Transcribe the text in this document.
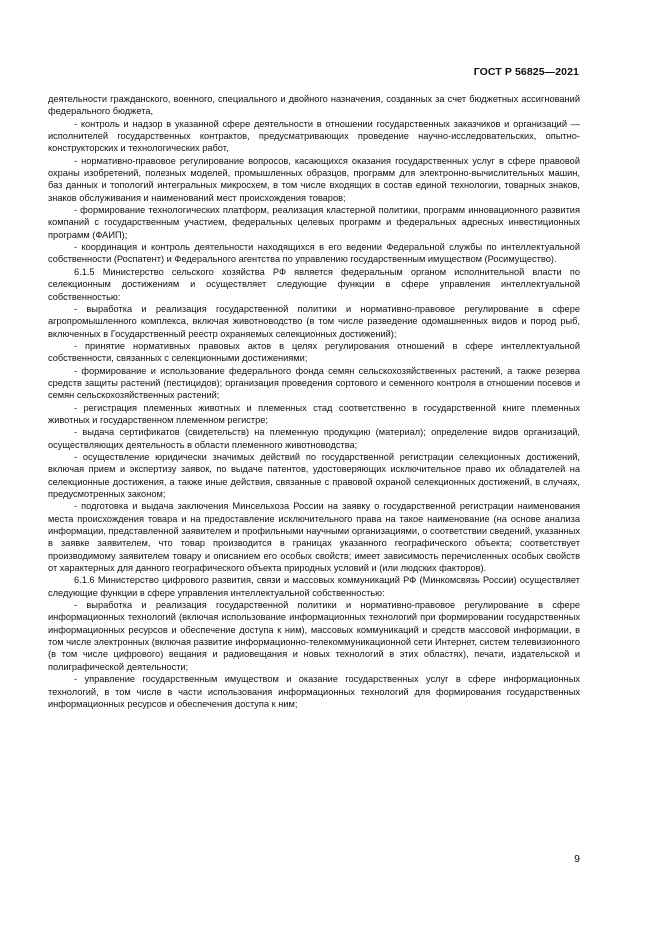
ГОСТ Р 56825—2021

деятельности гражданского, военного, специального и двойного назначения, созданных за счет бюджетных ассигнований федерального бюджета,

- контроль и надзор в указанной сфере деятельности в отношении государственных заказчиков и организаций — исполнителей государственных контрактов, предусматривающих проведение научно-исследовательских, опытно-конструкторских и технологических работ,

- нормативно-правовое регулирование вопросов, касающихся оказания государственных услуг в сфере правовой охраны изобретений, полезных моделей, промышленных образцов, программ для электронно-вычислительных машин, баз данных и топологий интегральных микросхем, в том числе входящих в состав единой технологии, товарных знаков, знаков обслуживания и наименований мест происхождения товаров;

- формирование технологических платформ, реализация кластерной политики, программ инновационного развития компаний с государственным участием, федеральных целевых программ и федеральных адресных инвестиционных программ (ФАИП);

- координация и контроль деятельности находящихся в его ведении Федеральной службы по интеллектуальной собственности (Роспатент) и Федерального агентства по управлению государственным имуществом (Росимущество).

6.1.5 Министерство сельского хозяйства РФ является федеральным органом исполнительной власти по селекционным достижениям и осуществляет следующие функции в сфере управления интеллектуальной собственностью:

- выработка и реализация государственной политики и нормативно-правовое регулирование в сфере агропромышленного комплекса, включая животноводство (в том числе разведение одомашненных видов и пород рыб, включенных в Государственный реестр охраняемых селекционных достижений);

- принятие нормативных правовых актов в целях регулирования отношений в сфере интеллектуальной собственности, связанных с селекционными достижениями;

- формирование и использование федерального фонда семян сельскохозяйственных растений, а также резерва средств защиты растений (пестицидов); организация проведения сортового и семенного контроля в отношении посевов и семян сельскохозяйственных растений;

- регистрация племенных животных и племенных стад соответственно в государственной книге племенных животных и государственном племенном регистре;

- выдача сертификатов (свидетельств) на племенную продукцию (материал); определение видов организаций, осуществляющих деятельность в области племенного животноводства;

- осуществление юридически значимых действий по государственной регистрации селекционных достижений, включая прием и экспертизу заявок, по выдаче патентов, удостоверяющих исключительное право их обладателей на селекционные достижения, а также иные действия, связанные с правовой охраной селекционных достижений, в случаях, предусмотренных законом;

- подготовка и выдача заключения Минсельхоза России на заявку о государственной регистрации наименования места происхождения товара и на предоставление исключительного права на такое наименование (на основе анализа информации, представленной заявителем и профильными научными организациями, о соответствии сведений, указанных в заявке заявителем, что товар производится в границах указанного географического объекта; соответствует производимому заявителем товару и описанием его особых свойств; имеет зависимость перечисленных особых свойств от характерных для данного географического объекта природных условий и (или людских факторов).

6.1.6 Министерство цифрового развития, связи и массовых коммуникаций РФ (Минкомсвязь России) осуществляет следующие функции в сфере управления интеллектуальной собственностью:

- выработка и реализация государственной политики и нормативно-правовое регулирование в сфере информационных технологий (включая использование информационных технологий при формировании государственных информационных ресурсов и обеспечение доступа к ним), массовых коммуникаций и средств массовой информации, в том числе электронных (включая развитие информационно-телекоммуникационной сети Интернет, систем телевизионного (в том числе цифрового) вещания и радиовещания и новых технологий в этих областях), печати, издательской и полиграфической деятельности;

- управление государственным имуществом и оказание государственных услуг в сфере информационных технологий, в том числе в части использования информационных технологий для формирования государственных информационных ресурсов и обеспечения доступа к ним;

9
